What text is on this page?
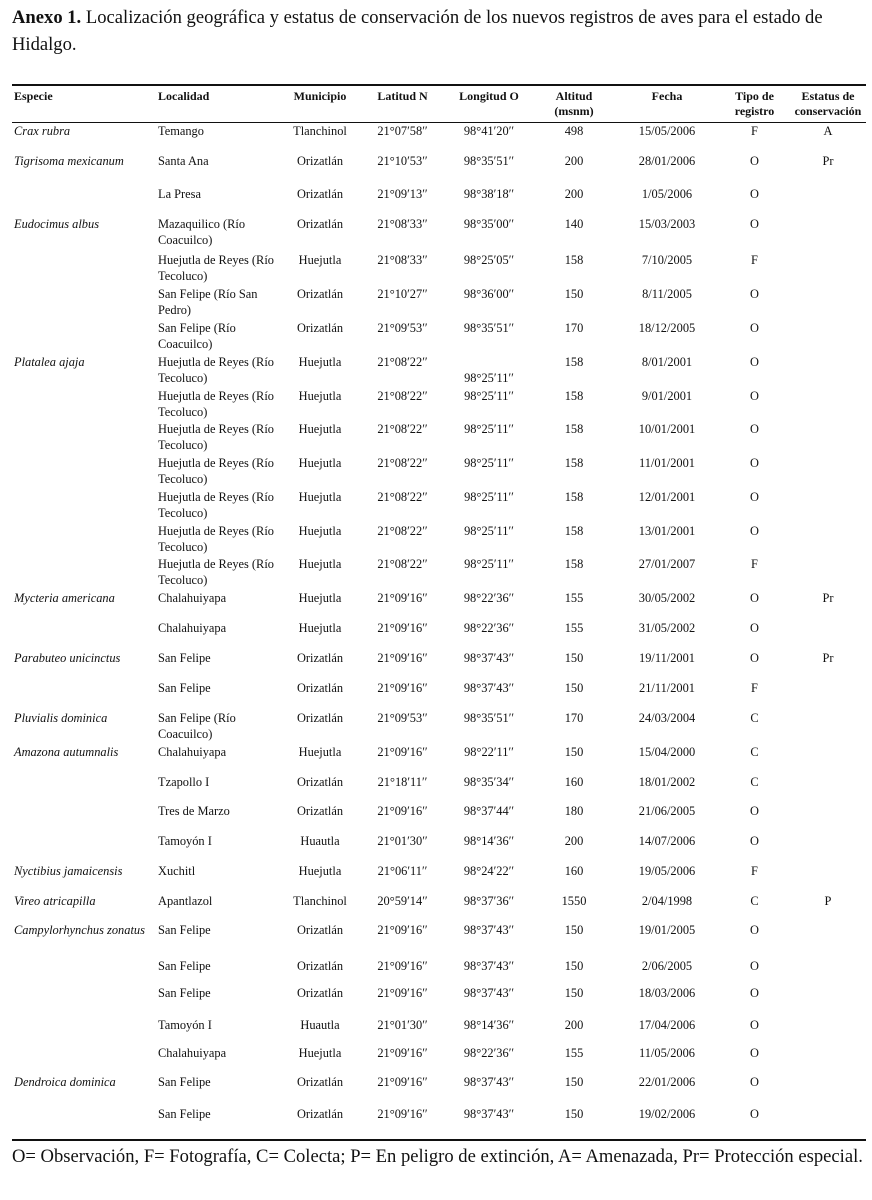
Anexo 1. Localización geográfica y estatus de conservación de los nuevos registros de aves para el estado de Hidalgo.
Especie	Localidad	Municipio	Latitud N	Longitud O	Altitud (msnm)	Fecha	Tipo de registro	Estatus de conservación
Crax rubra	Temango	Tlanchinol	21°07′58′′	98°41′20′′	498	15/05/2006	F	A
Tigrisoma mexicanum	Santa Ana	Orizatlán	21°10′53′′	98°35′51′′	200	28/01/2006	O	Pr
	La Presa	Orizatlán	21°09′13′′	98°38′18′′	200	1/05/2006	O	
Eudocimus albus	Mazaquilico (Río Coacuilco)	Orizatlán	21°08′33′′	98°35′00′′	140	15/03/2003	O	
	Huejutla de Reyes (Río Tecoluco)	Huejutla	21°08′33′′	98°25′05′′	158	7/10/2005	F	
	San Felipe (Río San Pedro)	Orizatlán	21°10′27′′	98°36′00′′	150	8/11/2005	O	
	San Felipe (Río Coacuilco)	Orizatlán	21°09′53′′	98°35′51′′	170	18/12/2005	O	
Platalea ajaja	Huejutla de Reyes (Río Tecoluco)	Huejutla	21°08′22′′	98°25′11′′	158	8/01/2001	O	
	Huejutla de Reyes (Río Tecoluco)	Huejutla	21°08′22′′	98°25′11′′	158	9/01/2001	O	
	Huejutla de Reyes (Río Tecoluco)	Huejutla	21°08′22′′	98°25′11′′	158	10/01/2001	O	
	Huejutla de Reyes (Río Tecoluco)	Huejutla	21°08′22′′	98°25′11′′	158	11/01/2001	O	
	Huejutla de Reyes (Río Tecoluco)	Huejutla	21°08′22′′	98°25′11′′	158	12/01/2001	O	
	Huejutla de Reyes (Río Tecoluco)	Huejutla	21°08′22′′	98°25′11′′	158	13/01/2001	O	
	Huejutla de Reyes (Río Tecoluco)	Huejutla	21°08′22′′	98°25′11′′	158	27/01/2007	F	
Mycteria americana	Chalahuiyapa	Huejutla	21°09′16′′	98°22′36′′	155	30/05/2002	O	Pr
	Chalahuiyapa	Huejutla	21°09′16′′	98°22′36′′	155	31/05/2002	O	
Parabuteo unicinctus	San Felipe	Orizatlán	21°09′16′′	98°37′43′′	150	19/11/2001	O	Pr
	San Felipe	Orizatlán	21°09′16′′	98°37′43′′	150	21/11/2001	F	
Pluvialis dominica	San Felipe (Río Coacuilco)	Orizatlán	21°09′53′′	98°35′51′′	170	24/03/2004	C	
Amazona autumnalis	Chalahuiyapa	Huejutla	21°09′16′′	98°22′11′′	150	15/04/2000	C	
	Tzapollo I	Orizatlán	21°18′11′′	98°35′34′′	160	18/01/2002	C	
	Tres de Marzo	Orizatlán	21°09′16′′	98°37′44′′	180	21/06/2005	O	
	Tamoyón I	Huautla	21°01′30′′	98°14′36′′	200	14/07/2006	O	
Nyctibius jamaicensis	Xuchitl	Huejutla	21°06′11′′	98°24′22′′	160	19/05/2006	F	
Vireo atricapilla	Apantlazol	Tlanchinol	20°59′14′′	98°37′36′′	1550	2/04/1998	C	P
Campylorhynchus zonatus	San Felipe	Orizatlán	21°09′16′′	98°37′43′′	150	19/01/2005	O	
	San Felipe	Orizatlán	21°09′16′′	98°37′43′′	150	2/06/2005	O	
	San Felipe	Orizatlán	21°09′16′′	98°37′43′′	150	18/03/2006	O	
	Tamoyón I	Huautla	21°01′30′′	98°14′36′′	200	17/04/2006	O	
	Chalahuiyapa	Huejutla	21°09′16′′	98°22′36′′	155	11/05/2006	O	
Dendroica dominica	San Felipe	Orizatlán	21°09′16′′	98°37′43′′	150	22/01/2006	O	
	San Felipe	Orizatlán	21°09′16′′	98°37′43′′	150	19/02/2006	O	
O= Observación, F= Fotografía, C= Colecta; P= En peligro de extinción, A= Amenazada, Pr= Protección especial.
